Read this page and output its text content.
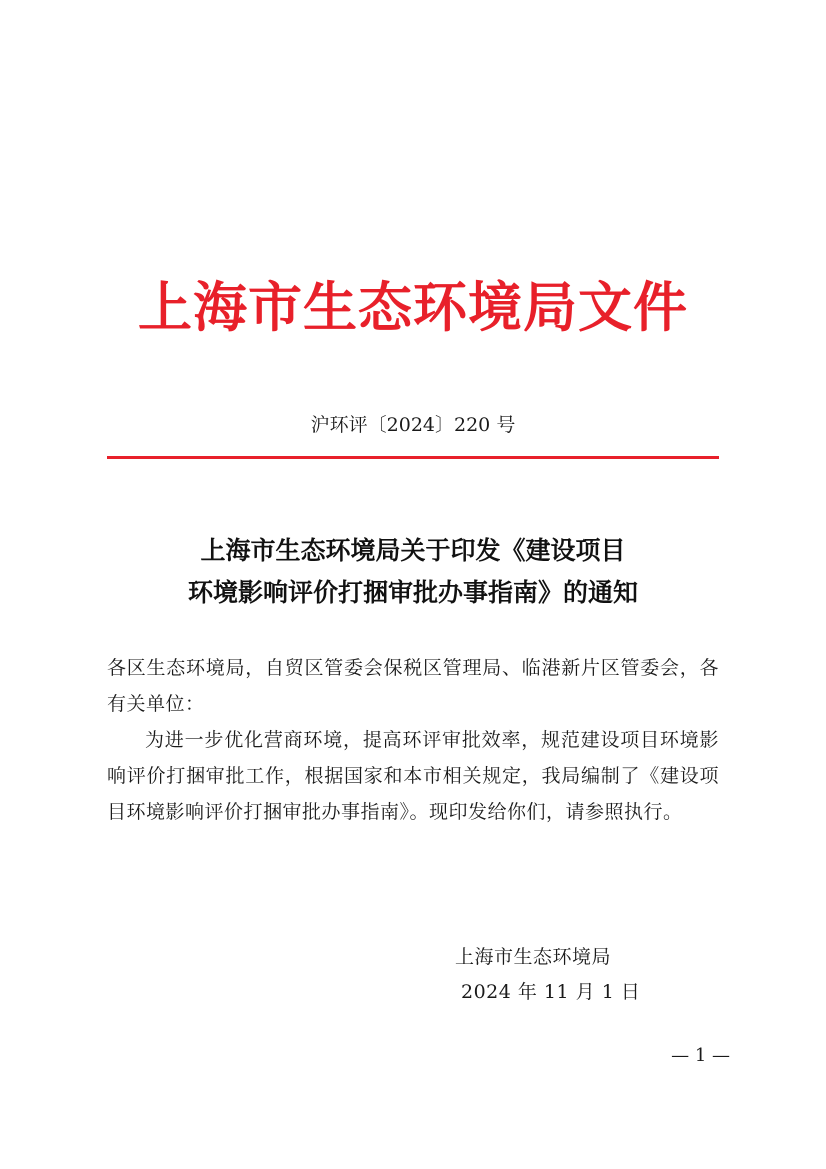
上海市生态环境局文件
沪环评〔2024〕220 号
上海市生态环境局关于印发《建设项目
环境影响评价打捆审批办事指南》的通知

各区生态环境局，自贸区管委会保税区管理局、临港新片区管委会，各有关单位：

为进一步优化营商环境，提高环评审批效率，规范建设项目环境影响评价打捆审批工作，根据国家和本市相关规定，我局编制了《建设项目环境影响评价打捆审批办事指南》。现印发给你们，请参照执行。

上海市生态环境局
2024 年 11 月 1 日
— 1 —
